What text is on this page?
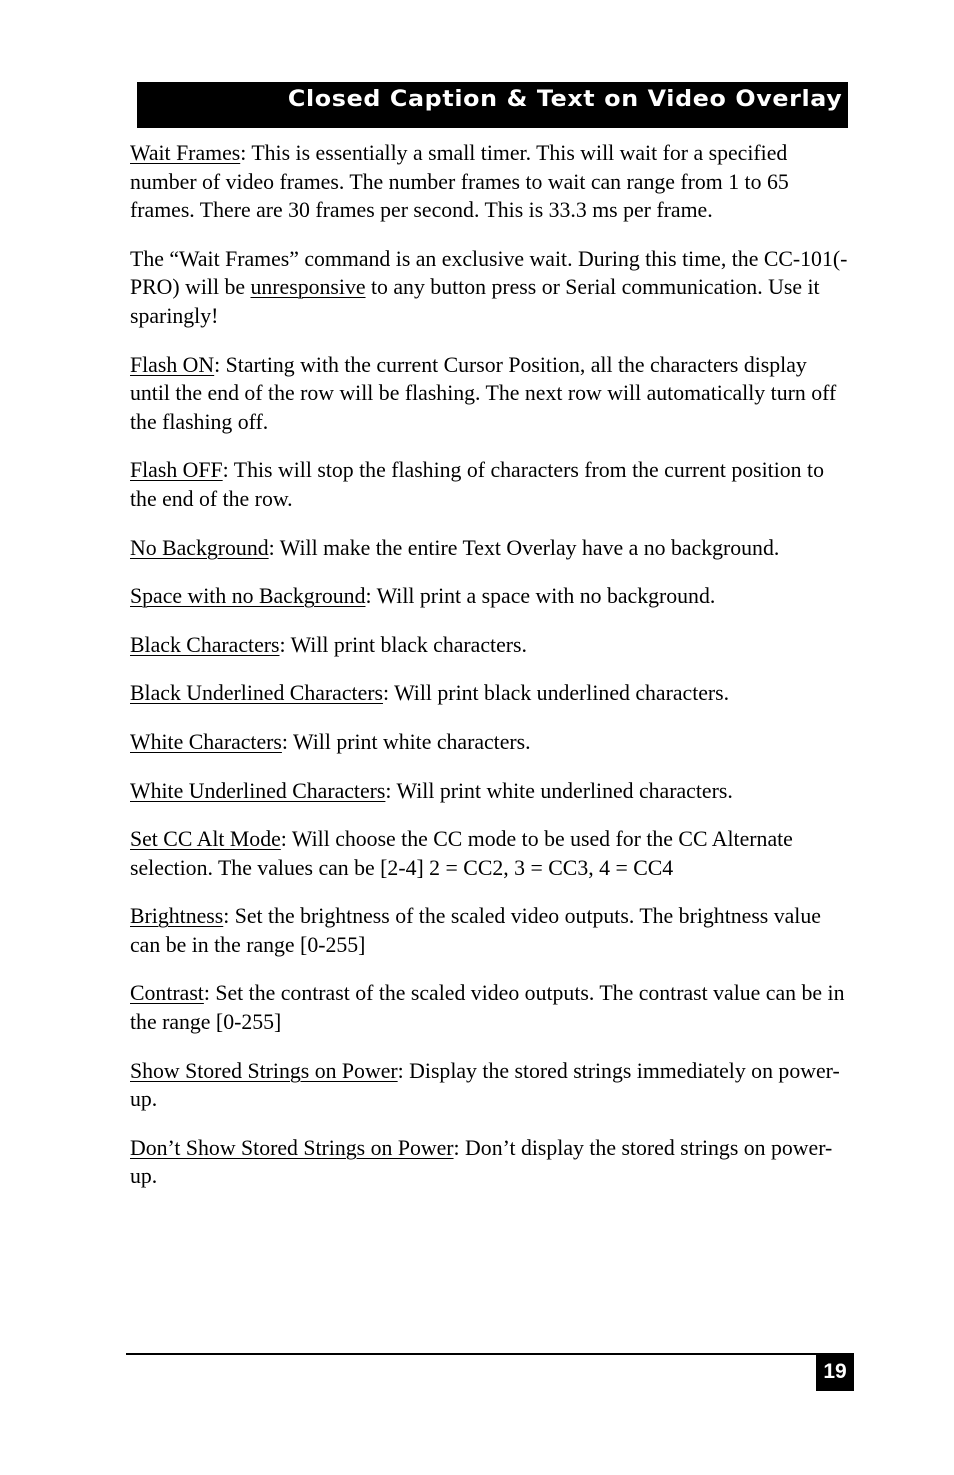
Closed Caption & Text on Video Overlay

Wait Frames: This is essentially a small timer. This will wait for a specified number of video frames. The number frames to wait can range from 1 to 65 frames. There are 30 frames per second. This is 33.3 ms per frame.

The “Wait Frames” command is an exclusive wait. During this time, the CC-101(-PRO) will be unresponsive to any button press or Serial communication. Use it sparingly!

Flash ON: Starting with the current Cursor Position, all the characters display until the end of the row will be flashing. The next row will automatically turn off the flashing off.

Flash OFF: This will stop the flashing of characters from the current position to the end of the row.

No Background: Will make the entire Text Overlay have a no background.

Space with no Background: Will print a space with no background.

Black Characters: Will print black characters.

Black Underlined Characters: Will print black underlined characters.

White Characters: Will print white characters.

White Underlined Characters: Will print white underlined characters.

Set CC Alt Mode: Will choose the CC mode to be used for the CC Alternate selection. The values can be [2-4] 2 = CC2, 3 = CC3, 4 = CC4

Brightness: Set the brightness of the scaled video outputs. The brightness value can be in the range [0-255]

Contrast: Set the contrast of the scaled video outputs. The contrast value can be in the range [0-255]

Show Stored Strings on Power: Display the stored strings immediately on power-up.

Don’t Show Stored Strings on Power: Don’t display the stored strings on power-up.

19
